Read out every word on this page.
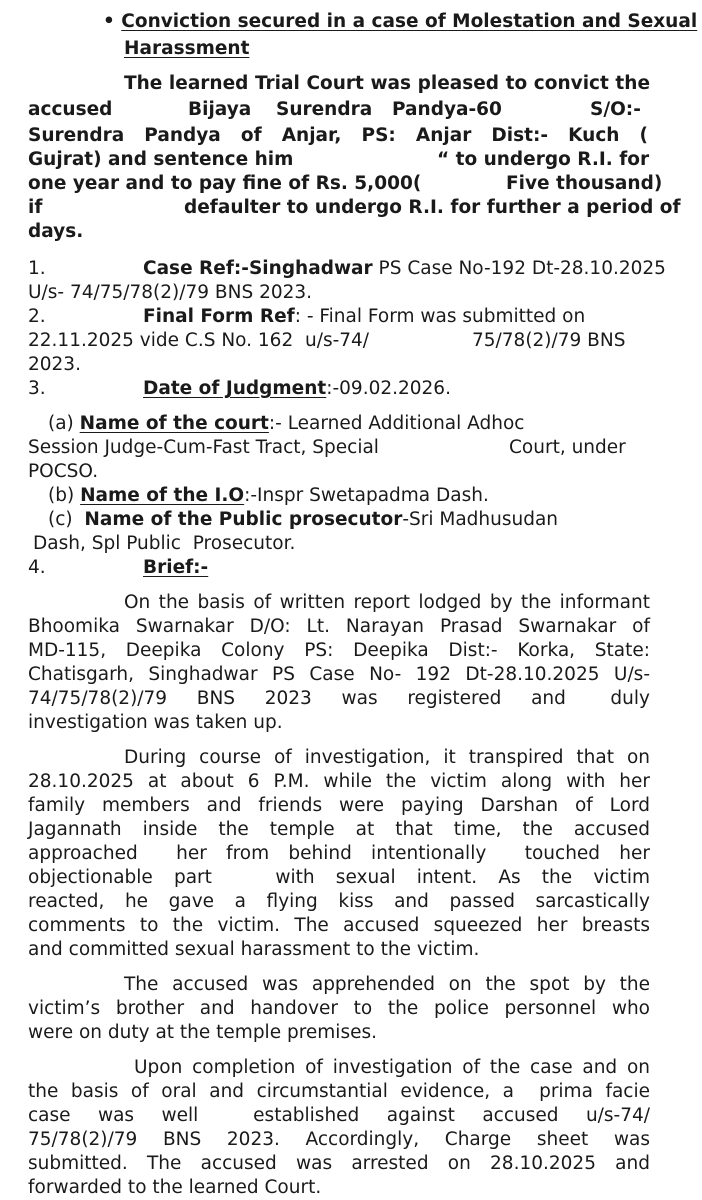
• Conviction secured in a case of Molestation and Sexual
Harassment
The learned Trial Court was pleased to convict the
accused	Bijaya Surendra Pandya-60	S/O:-
Surendra Pandya of Anjar, PS: Anjar Dist:- Kuch (
Gujrat) and sentence him	“ to undergo R.I. for
one year and to pay fine of Rs. 5,000(	Five thousand)
if	defaulter to undergo R.I. for further a period of
days.
1.	Case Ref:-Singhadwar PS Case No-192 Dt-28.10.2025
U/s- 74/75/78(2)/79 BNS 2023.
2.	Final Form Ref: - Final Form was submitted on
22.11.2025 vide C.S No. 162  u/s-74/	75/78(2)/79 BNS
2023.
3.	Date of Judgment:-09.02.2026.
(a) Name of the court:- Learned Additional Adhoc
Session Judge-Cum-Fast Tract, Special	Court, under
POCSO.
(b) Name of the I.O:-Inspr Swetapadma Dash.
(c)  Name of the Public prosecutor-Sri Madhusudan
Dash, Spl Public  Prosecutor.
4.	Brief:-
On the basis of written report lodged by the informant
Bhoomika Swarnakar D/O: Lt. Narayan Prasad Swarnakar of
MD-115, Deepika Colony PS: Deepika Dist:- Korka, State:
Chatisgarh, Singhadwar PS Case No- 192 Dt-28.10.2025 U/s-
74/75/78(2)/79  BNS  2023  was  registered  and   duly
investigation was taken up.
During course of investigation, it transpired that on
28.10.2025 at about 6 P.M. while the victim along with her
family members and friends were paying Darshan of Lord
Jagannath inside the temple at that time, the accused
approached  her from behind intentionally  touched her
objectionable part   with sexual intent. As the victim
reacted, he gave a flying kiss and passed sarcastically
comments to the victim. The accused squeezed her breasts
and committed sexual harassment to the victim.
The accused was apprehended on the spot by the
victim’s brother and handover to the police personnel who
were on duty at the temple premises.
Upon completion of investigation of the case and on
the basis of oral and circumstantial evidence, a  prima facie
case  was  well    established  against  accused  u/s-74/
75/78(2)/79  BNS  2023.  Accordingly,  Charge  sheet  was
submitted. The accused was arrested on 28.10.2025 and
forwarded to the learned Court.
